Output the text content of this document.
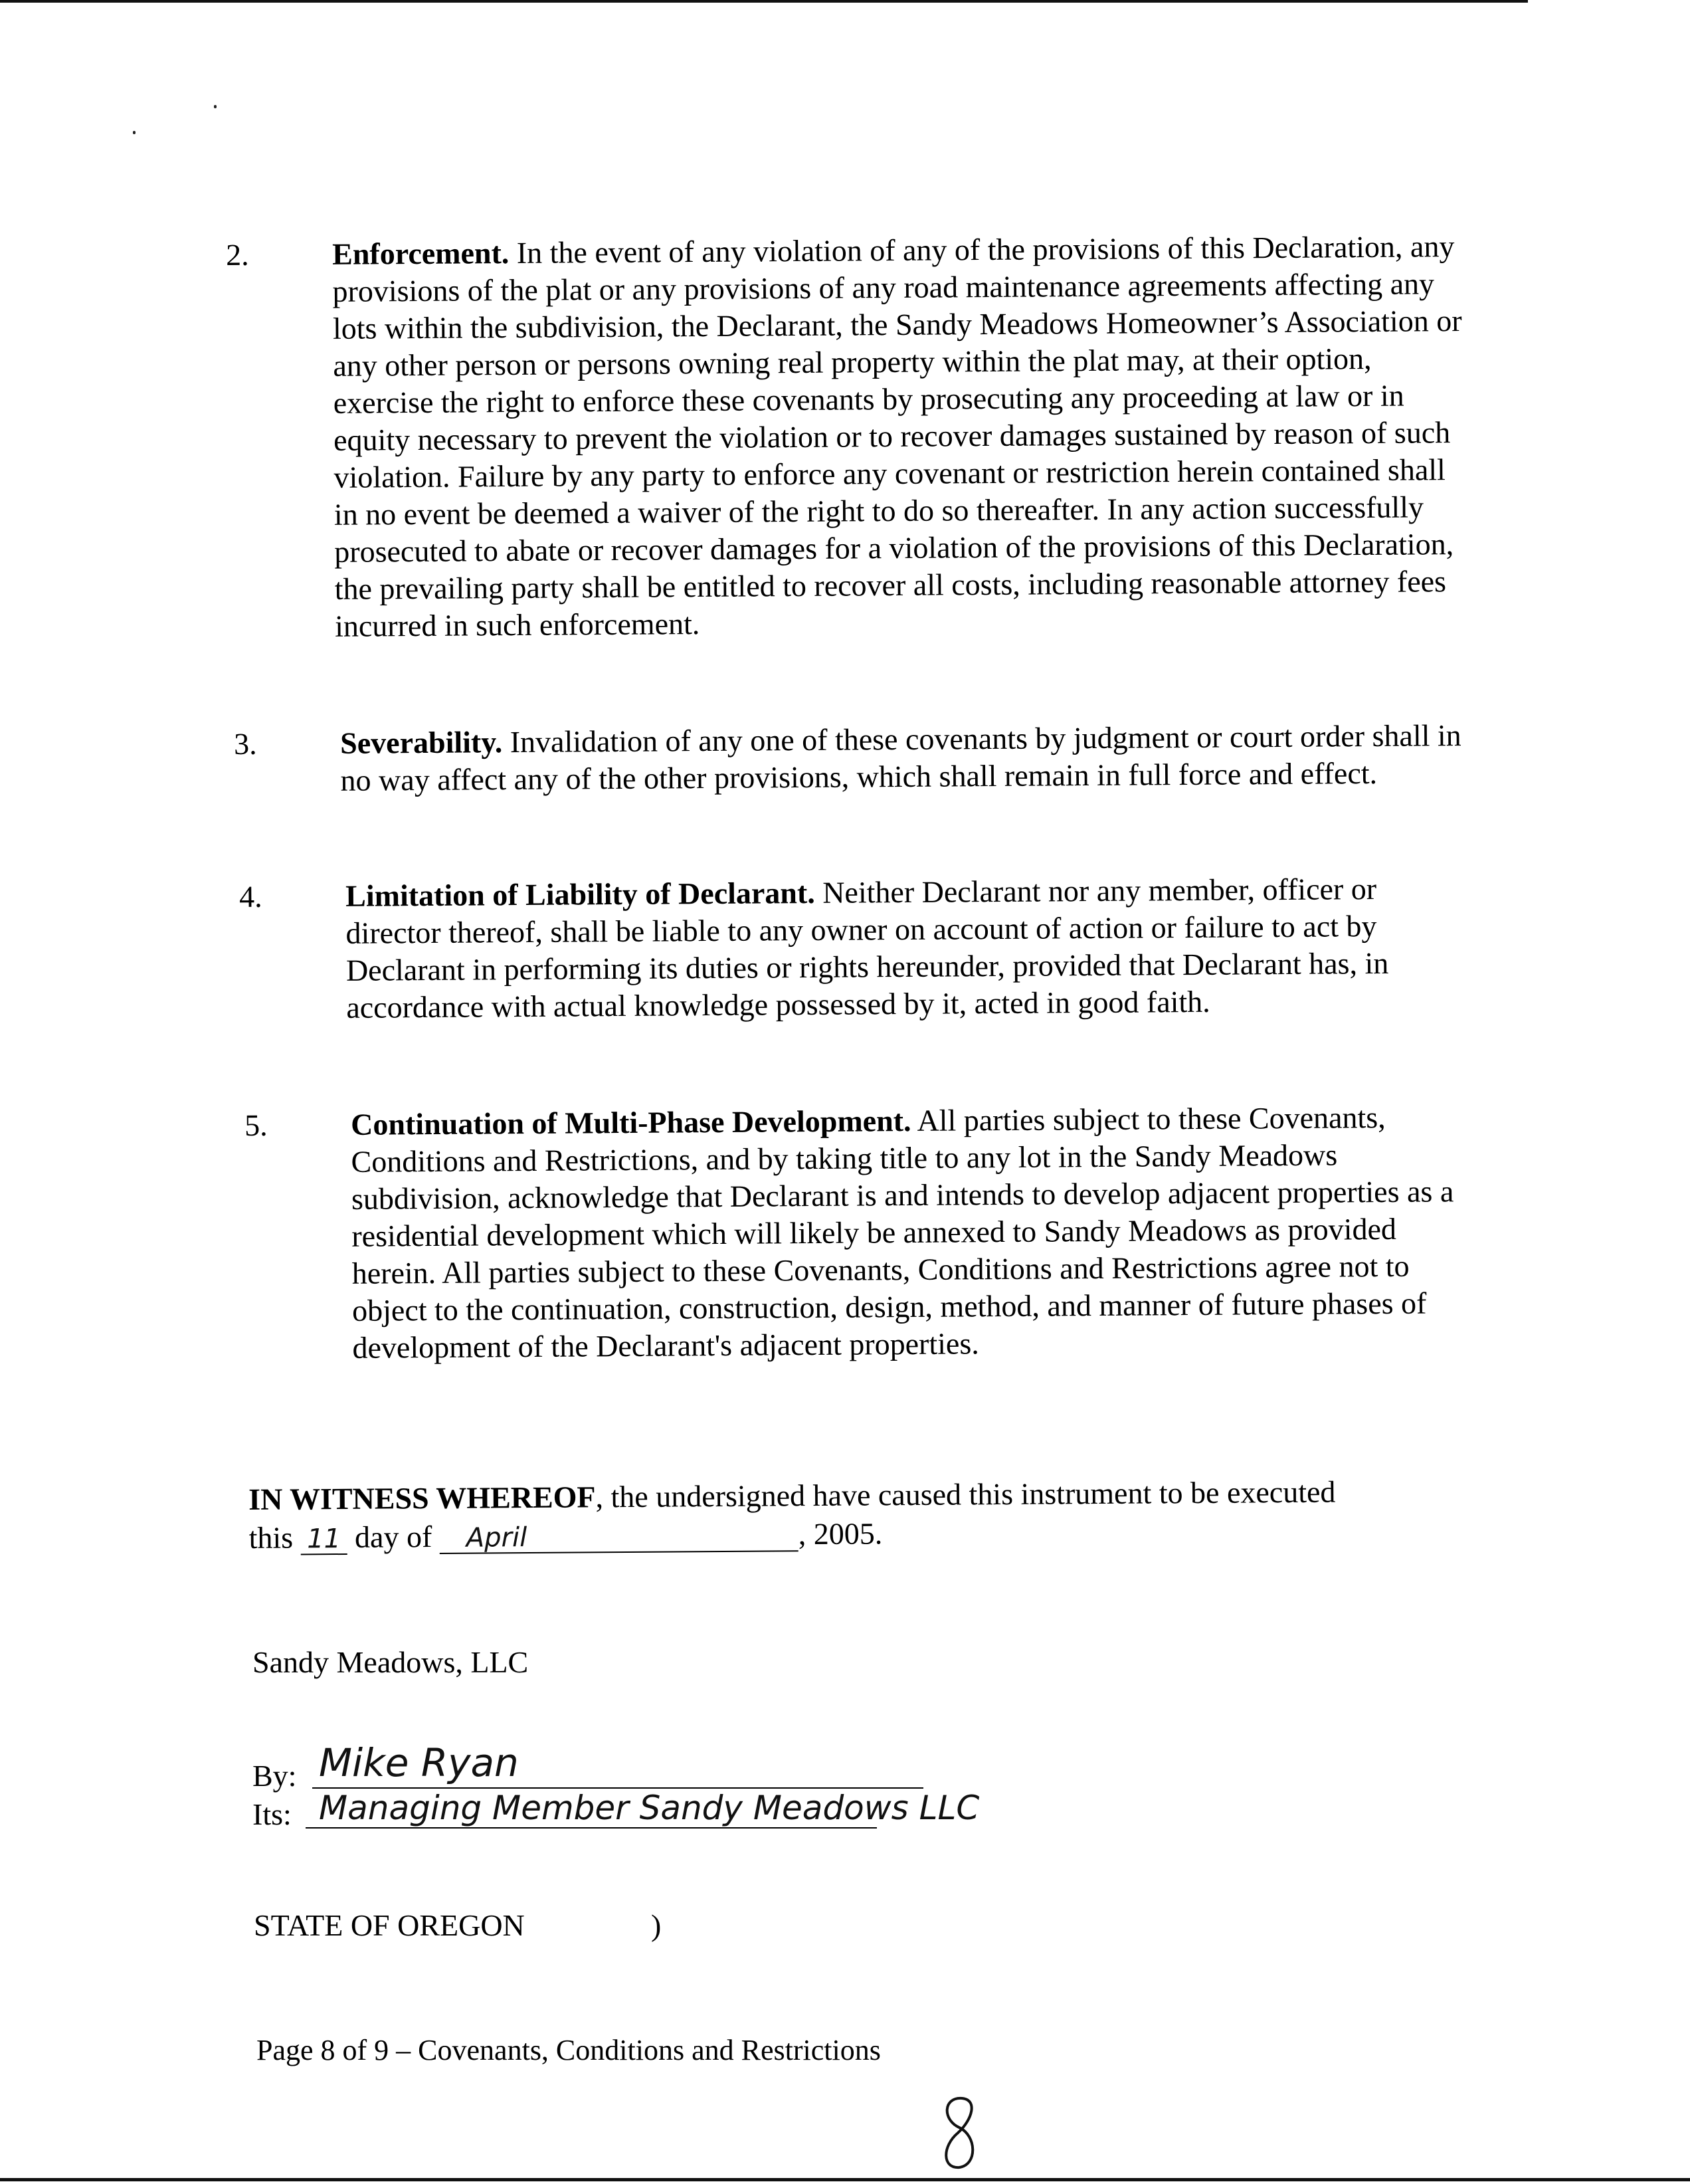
2.	Enforcement. In the event of any violation of any of the provisions of this Declaration, any provisions of the plat or any provisions of any road maintenance agreements affecting any lots within the subdivision, the Declarant, the Sandy Meadows Homeowner’s Association or any other person or persons owning real property within the plat may, at their option, exercise the right to enforce these covenants by prosecuting any proceeding at law or in equity necessary to prevent the violation or to recover damages sustained by reason of such violation. Failure by any party to enforce any covenant or restriction herein contained shall in no event be deemed a waiver of the right to do so thereafter. In any action successfully prosecuted to abate or recover damages for a violation of the provisions of this Declaration, the prevailing party shall be entitled to recover all costs, including reasonable attorney fees incurred in such enforcement.
3.	Severability. Invalidation of any one of these covenants by judgment or court order shall in no way affect any of the other provisions, which shall remain in full force and effect.
4.	Limitation of Liability of Declarant. Neither Declarant nor any member, officer or director thereof, shall be liable to any owner on account of action or failure to act by Declarant in performing its duties or rights hereunder, provided that Declarant has, in accordance with actual knowledge possessed by it, acted in good faith.
5.	Continuation of Multi-Phase Development. All parties subject to these Covenants, Conditions and Restrictions, and by taking title to any lot in the Sandy Meadows subdivision, acknowledge that Declarant is and intends to develop adjacent properties as a residential development which will likely be annexed to Sandy Meadows as provided herein. All parties subject to these Covenants, Conditions and Restrictions agree not to object to the continuation, construction, design, method, and manner of future phases of development of the Declarant's adjacent properties.
IN WITNESS WHEREOF, the undersigned have caused this instrument to be executed
this 11 day of April	, 2005.
Sandy Meadows, LLC
By: Mike Ryan
Its: Managing Member Sandy Meadows LLC
STATE OF OREGON	)
Page 8 of 9 – Covenants, Conditions and Restrictions
